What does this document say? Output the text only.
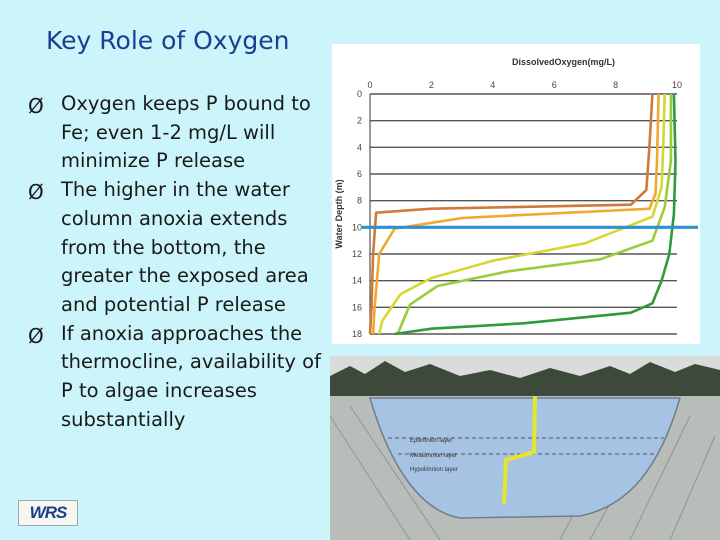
Key Role of Oxygen
Ø Oxygen keeps P bound to Fe; even 1-2 mg/L will minimize P release
Ø The higher in the water column anoxia extends from the bottom, the greater the exposed area and potential P release
Ø If anoxia approaches the thermocline, availability of P to algae increases substantially
WRS
DissolvedOxygen(mg/L)
0	2	4	6	8	10
0
2
4
6
8
10
12
14
16
18
Water Depth (m)
Epilimnion layer
Metalimnion layer
Hypolimnion layer
